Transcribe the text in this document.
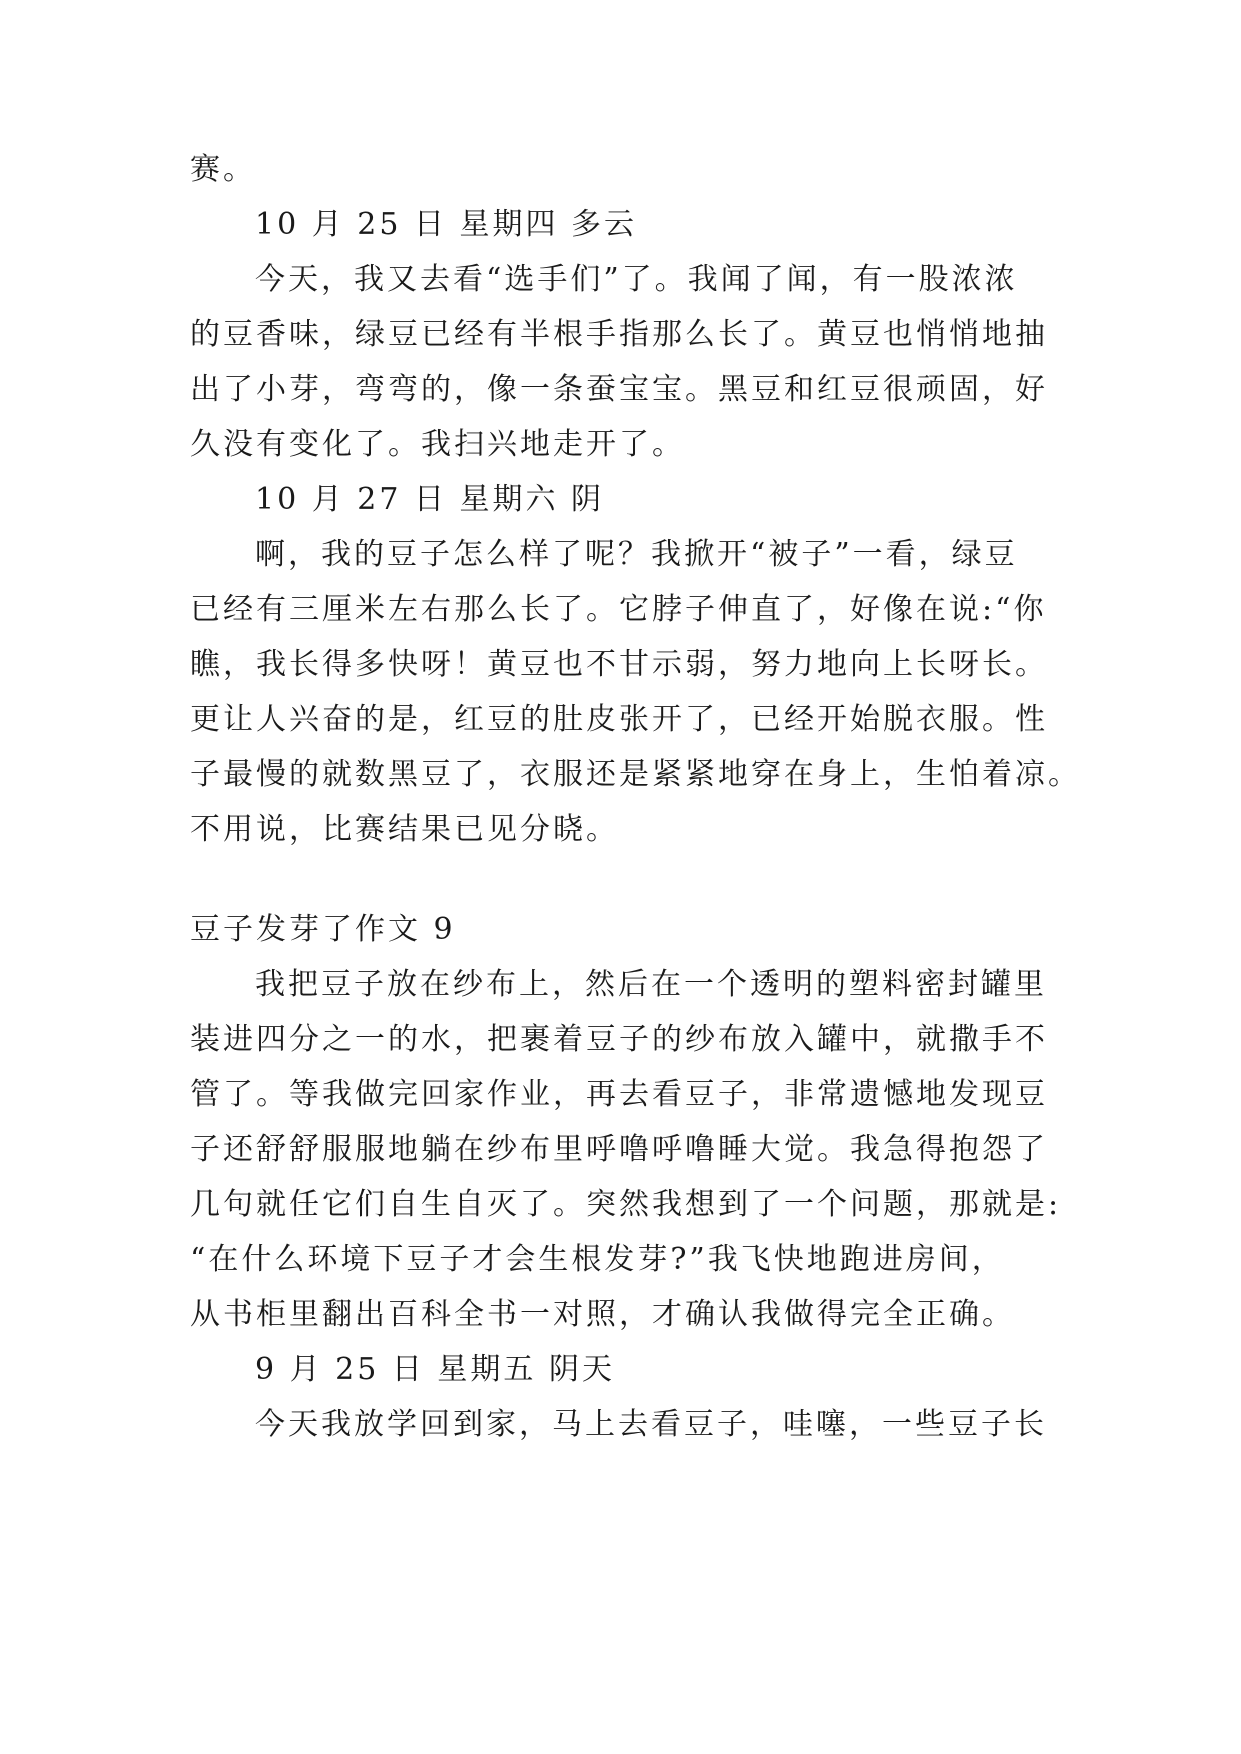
赛。
10 月 25 日 星期四 多云
今天，我又去看“选手们”了。我闻了闻，有一股浓浓
的豆香味，绿豆已经有半根手指那么长了。黄豆也悄悄地抽
出了小芽，弯弯的，像一条蚕宝宝。黑豆和红豆很顽固，好
久没有变化了。我扫兴地走开了。
10 月 27 日 星期六 阴
啊，我的豆子怎么样了呢？我掀开“被子”一看，绿豆
已经有三厘米左右那么长了。它脖子伸直了，好像在说:“你
瞧，我长得多快呀！黄豆也不甘示弱，努力地向上长呀长。
更让人兴奋的是，红豆的肚皮张开了，已经开始脱衣服。性
子最慢的就数黑豆了，衣服还是紧紧地穿在身上，生怕着凉。
不用说，比赛结果已见分晓。
豆子发芽了作文 9
我把豆子放在纱布上，然后在一个透明的塑料密封罐里
装进四分之一的水，把裹着豆子的纱布放入罐中，就撒手不
管了。等我做完回家作业，再去看豆子，非常遗憾地发现豆
子还舒舒服服地躺在纱布里呼噜呼噜睡大觉。我急得抱怨了
几句就任它们自生自灭了。突然我想到了一个问题，那就是:
“在什么环境下豆子才会生根发芽?”我飞快地跑进房间，
从书柜里翻出百科全书一对照，才确认我做得完全正确。
9 月 25 日 星期五 阴天
今天我放学回到家，马上去看豆子，哇噻，一些豆子长
